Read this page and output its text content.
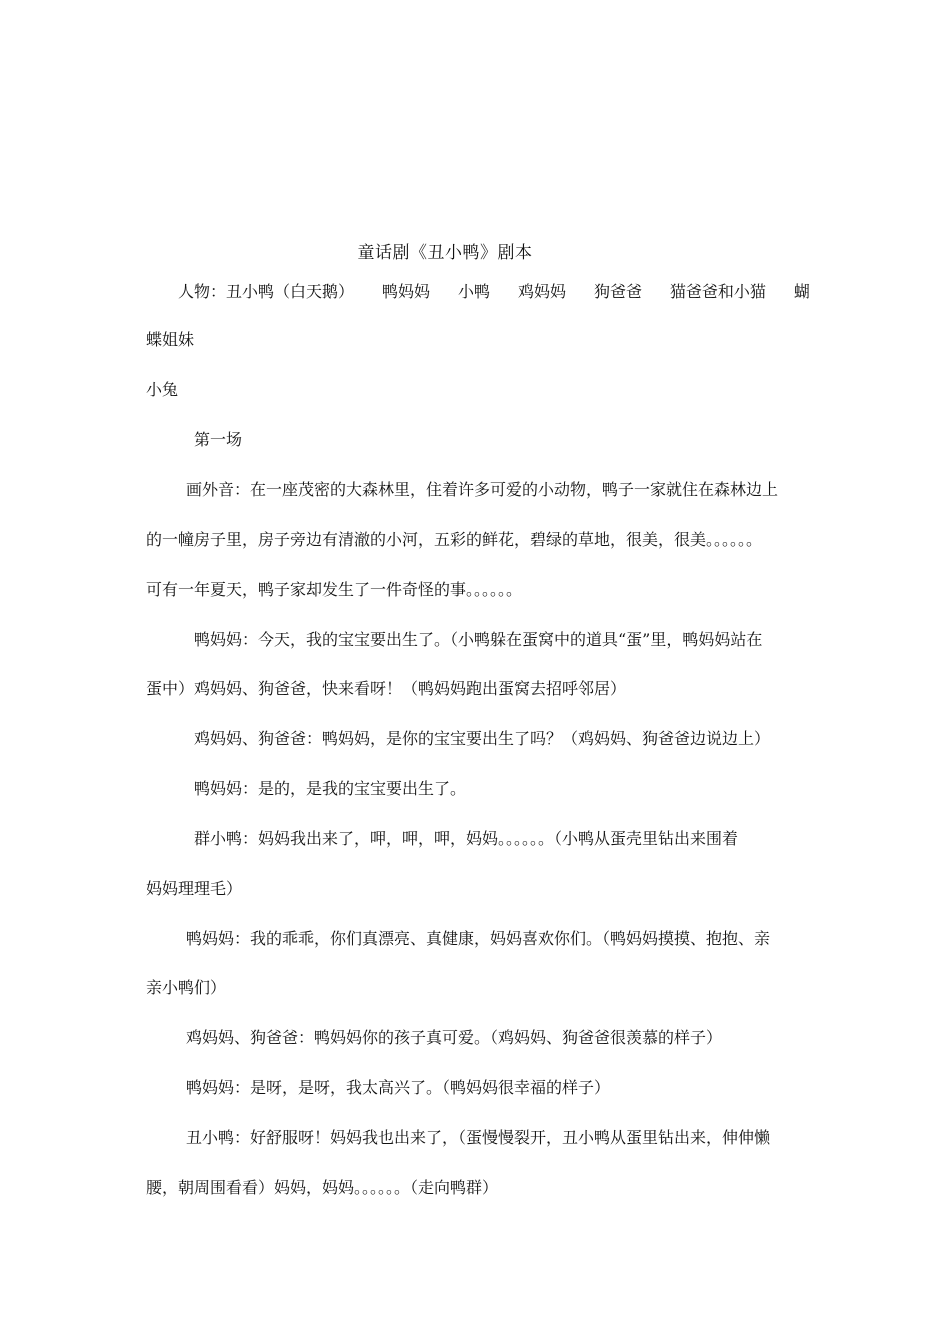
童话剧《丑小鸭》剧本
人物：丑小鸭（白天鹅） 鸭妈妈 小鸭 鸡妈妈 狗爸爸 猫爸爸和小猫 蝴
蝶姐妹
小兔
第一场
画外音：在一座茂密的大森林里，住着许多可爱的小动物，鸭子一家就住在森林边上
的一幢房子里，房子旁边有清澈的小河，五彩的鲜花，碧绿的草地，很美，很美。。。。。。
可有一年夏天，鸭子家却发生了一件奇怪的事。。。。。。
鸭妈妈：今天，我的宝宝要出生了。（小鸭躲在蛋窝中的道具“蛋”里，鸭妈妈站在
蛋中）鸡妈妈、狗爸爸，快来看呀！（鸭妈妈跑出蛋窝去招呼邻居）
鸡妈妈、狗爸爸：鸭妈妈，是你的宝宝要出生了吗？（鸡妈妈、狗爸爸边说边上）
鸭妈妈：是的，是我的宝宝要出生了。
群小鸭：妈妈我出来了，呷，呷，呷，妈妈。。。。。。（小鸭从蛋壳里钻出来围着
妈妈理理毛）
鸭妈妈：我的乖乖，你们真漂亮、真健康，妈妈喜欢你们。（鸭妈妈摸摸、抱抱、亲
亲小鸭们）
鸡妈妈、狗爸爸：鸭妈妈你的孩子真可爱。（鸡妈妈、狗爸爸很羡慕的样子）
鸭妈妈：是呀，是呀，我太高兴了。（鸭妈妈很幸福的样子）
丑小鸭：好舒服呀！妈妈我也出来了，（蛋慢慢裂开，丑小鸭从蛋里钻出来，伸伸懒
腰，朝周围看看）妈妈，妈妈。。。。。。（走向鸭群）
